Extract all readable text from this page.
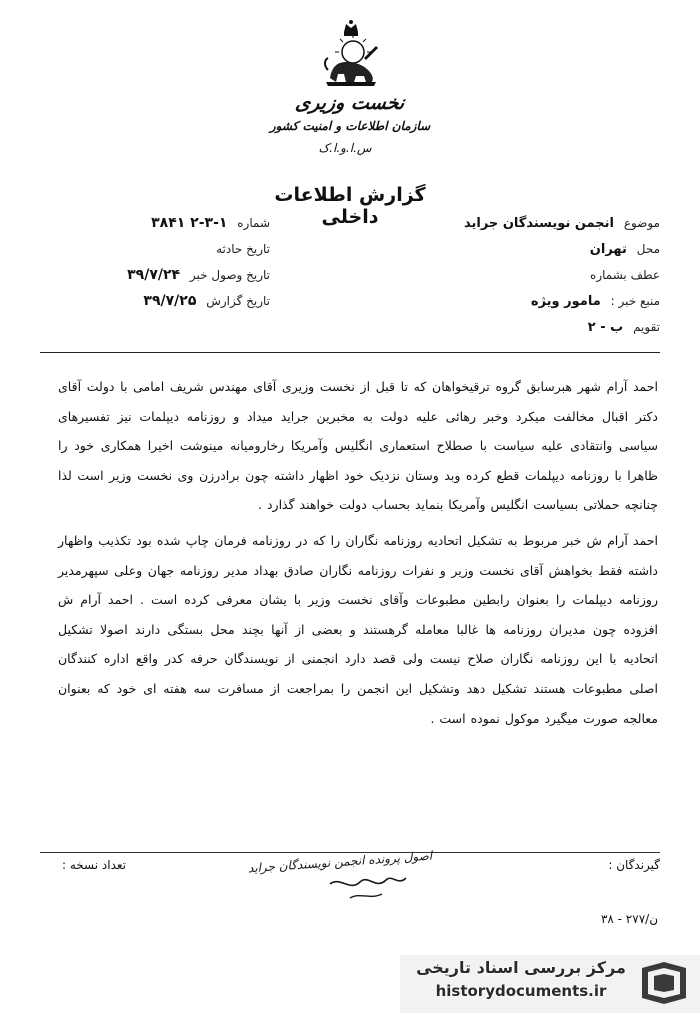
نخست وزیری
سازمان اطلاعات و امنیت کشور
س.ا.و.ا.ک
گزارش اطلاعات داخلی	موضوع انجمن نویسندگان جراید
محل تهران
عطف بشماره
منبع خبر : مامور ویژه
تقویم ب - ۲
شماره ۲-۳-۱ ۳۸۴۱
تاریخ حادثه
تاریخ وصول خبر ۳۹/۷/۲۴
تاریخ گزارش ۳۹/۷/۲۵

احمد آرام شهر هبرسابق گروه ترقیخواهان که تا قبل از نخست وزیری آقای مهندس شریف امامی با دولت آقای دکتر اقبال مخالفت میکرد وخبر رهائی علیه دولت به مخبرین جراید میداد و روزنامه دیپلمات نیز تفسیرهای سیاسی وانتقادی علیه سیاست با صطلاح استعماری انگلیس وآمریکا رخارومیانه مینوشت اخیرا همکاری خود را ظاهرا با روزنامه دیپلمات قطع کرده وبد وستان نزدیک خود اظهار داشته چون برادرزن وی نخست وزیر است لذا چنانچه حملاتی بسیاست انگلیس وآمریکا بنماید بحساب دولت خواهند گذارد .

احمد آرام ش خبر مربوط به تشکیل اتحادیه روزنامه نگاران را که در روزنامه فرمان چاپ شده بود تکذیب واظهار داشته فقط بخواهش آقای نخست وزیر و نفرات روزنامه نگاران صادق بهداد مدیر روزنامه جهان وعلی سپهرمدیر روزنامه دیپلمات را بعنوان رابطین مطبوعات وآقای نخست وزیر با یشان معرفی کرده است . احمد آرام ش افزوده چون مدیران روزنامه ها غالبا معامله گرهستند و بعضی از آنها بچند محل بستگی دارند اصولا تشکیل اتحادیه با این روزنامه نگاران صلاح نیست ولی قصد دارد انجمنی از نویسندگان حرفه کدر واقع اداره کنندگان اصلی مطبوعات هستند تشکیل دهد وتشکیل این انجمن را بمراجعت از مسافرت سه هفته ای خود که بعنوان معالجه صورت میگیرد موکول نموده است .

گیرندگان :
اصول پرونده انجمن نویسندگان جراید
تعداد نسخه :
۳۸ - ۲۷۷/ن
مرکز بررسی اسناد تاریخی
historydocuments.ir
